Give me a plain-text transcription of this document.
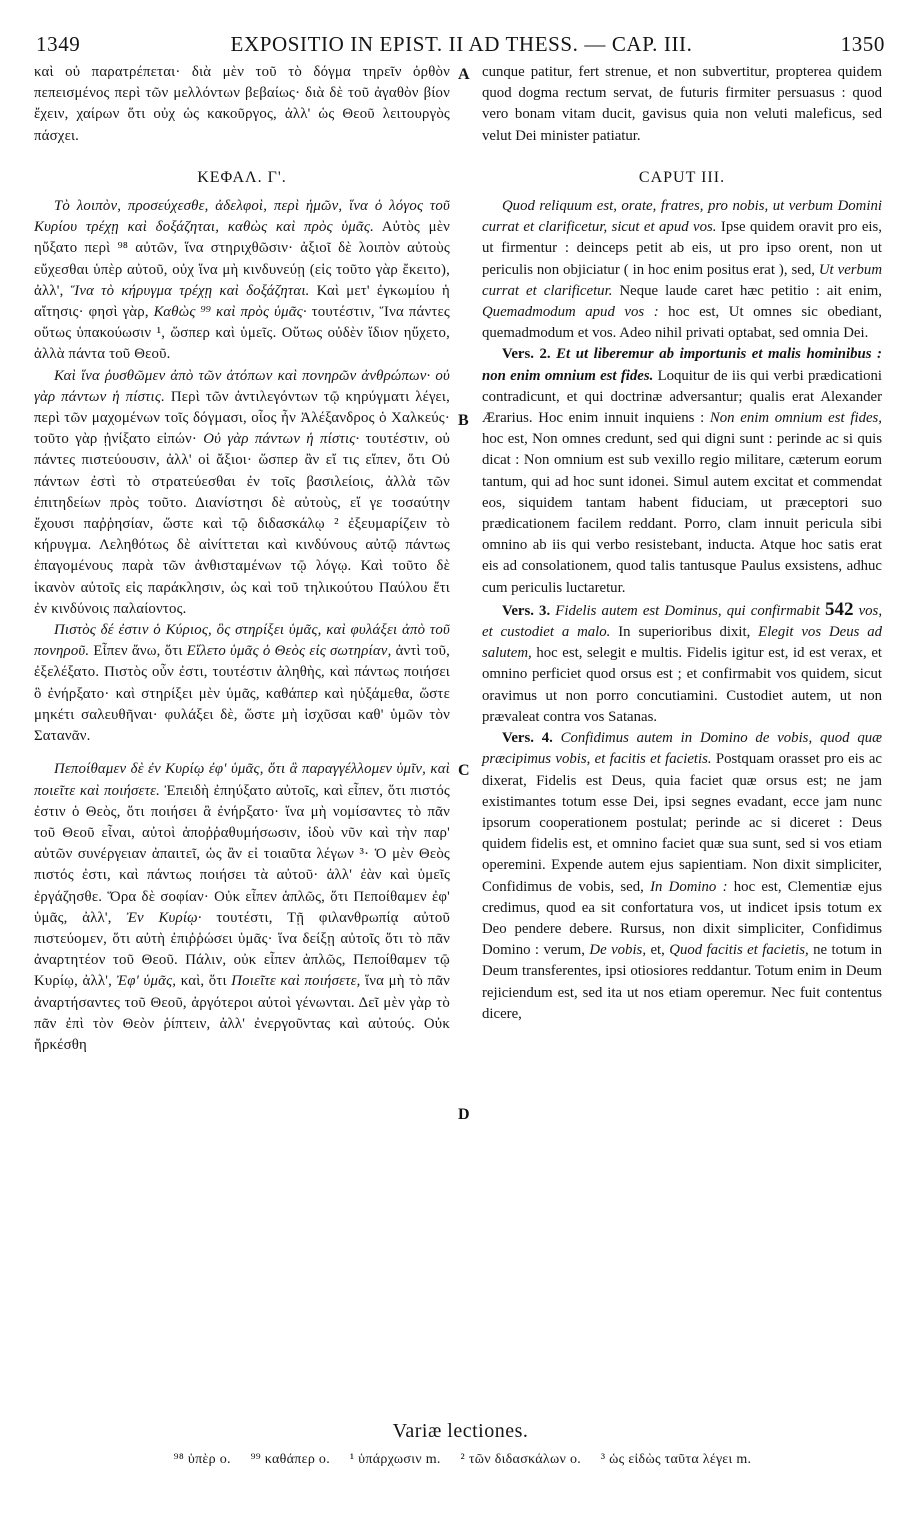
1349	EXPOSITIO IN EPIST. II AD THESS. — CAP. III.	1350

καὶ οὐ παρατρέπεται· διὰ μὲν τοῦ τὸ δόγμα τηρεῖν ὀρθὸν πεπεισμένος περὶ τῶν μελλόντων βεβαίως· διὰ δὲ τοῦ ἀγαθὸν βίον ἔχειν, χαίρων ὅτι οὐχ ὡς κακοῦργος, ἀλλ' ὡς Θεοῦ λειτουργὸς πάσχει.

ΚΕΦΑΛ. Γ'.

Τὸ λοιπὸν, προσεύχεσθε, ἀδελφοὶ, περὶ ἡμῶν, ἵνα ὁ λόγος τοῦ Κυρίου τρέχῃ καὶ δοξάζηται, καθὼς καὶ πρὸς ὑμᾶς. Αὐτὸς μὲν ηὔξατο περὶ ⁹⁸ αὐτῶν, ἵνα στηριχθῶσιν· ἀξιοῖ δὲ λοιπὸν αὐτοὺς εὔχεσθαι ὑπὲρ αὐτοῦ, οὐχ ἵνα μὴ κινδυνεύῃ (εἰς τοῦτο γὰρ ἔκειτο), ἀλλ', Ἵνα τὸ κήρυγμα τρέχῃ καὶ δοξάζηται. Καὶ μετ' ἐγκωμίου ἡ αἴτησις· φησὶ γὰρ, Καθὼς ⁹⁹ καὶ πρὸς ὑμᾶς· τουτέστιν, Ἵνα πάντες οὕτως ὑπακούωσιν ¹, ὥσπερ καὶ ὑμεῖς. Οὕτως οὐδὲν ἴδιον ηὔχετο, ἀλλὰ πάντα τοῦ Θεοῦ.

Καὶ ἵνα ῥυσθῶμεν ἀπὸ τῶν ἀτόπων καὶ πονηρῶν ἀνθρώπων· οὐ γὰρ πάντων ἡ πίστις. Περὶ τῶν ἀντιλεγόντων τῷ κηρύγματι λέγει, περὶ τῶν μαχομένων τοῖς δόγμασι, οἷος ἦν Ἀλέξανδρος ὁ Χαλκεύς· τοῦτο γὰρ ᾐνίξατο εἰπών· Οὐ γὰρ πάντων ἡ πίστις· τουτέστιν, οὐ πάντες πιστεύουσιν, ἀλλ' οἱ ἄξιοι· ὥσπερ ἂν εἴ τις εἴπεν, ὅτι Οὐ πάντων ἐστὶ τὸ στρατεύεσθαι ἐν τοῖς βασιλείοις, ἀλλὰ τῶν ἐπιτηδείων πρὸς τοῦτο. Διανίστησι δὲ αὐτοὺς, εἴ γε τοσαύτην ἔχουσι παῤῥησίαν, ὥστε καὶ τῷ διδασκάλῳ ² ἐξευμαρίζειν τὸ κήρυγμα. Λεληθότως δὲ αἰνίττεται καὶ κινδύνους αὐτῷ πάντως ἐπαγομένους παρὰ τῶν ἀνθισταμένων τῷ λόγῳ. Καὶ τοῦτο δὲ ἱκανὸν αὐτοῖς εἰς παράκλησιν, ὡς καὶ τοῦ τηλικούτου Παύλου ἔτι ἐν κινδύνοις παλαίοντος.

Πιστὸς δέ ἐστιν ὁ Κύριος, ὃς στηρίξει ὑμᾶς, καὶ φυλάξει ἀπὸ τοῦ πονηροῦ. Εἶπεν ἄνω, ὅτι Εἵλετο ὑμᾶς ὁ Θεὸς εἰς σωτηρίαν, ἀντὶ τοῦ, ἐξελέξατο. Πιστὸς οὖν ἐστι, τουτέστιν ἀληθὴς, καὶ πάντως ποιήσει ὃ ἐνήρξατο· καὶ στηρίξει μὲν ὑμᾶς, καθάπερ καὶ ηὐξάμεθα, ὥστε μηκέτι σαλευθῆναι· φυλάξει δὲ, ὥστε μὴ ἰσχῦσαι καθ' ὑμῶν τὸν Σατανᾶν.

Πεποίθαμεν δὲ ἐν Κυρίῳ ἐφ' ὑμᾶς, ὅτι ἃ παραγγέλλομεν ὑμῖν, καὶ ποιεῖτε καὶ ποιήσετε. Ἐπειδὴ ἐπηύξατο αὐτοῖς, καὶ εἶπεν, ὅτι πιστός ἐστιν ὁ Θεὸς, ὅτι ποιήσει ἃ ἐνήρξατο· ἵνα μὴ νομίσαντες τὸ πᾶν τοῦ Θεοῦ εἶναι, αὐτοὶ ἀποῤῥαθυμήσωσιν, ἰδοὺ νῦν καὶ τὴν παρ' αὐτῶν συνέργειαν ἀπαιτεῖ, ὡς ἂν εἰ τοιαῦτα λέγων ³· Ὁ μὲν Θεὸς πιστός ἐστι, καὶ πάντως ποιήσει τὰ αὐτοῦ· ἀλλ' ἐὰν καὶ ὑμεῖς ἐργάζησθε. Ὅρα δὲ σοφίαν· Οὐκ εἶπεν ἁπλῶς, ὅτι Πεποίθαμεν ἐφ' ὑμᾶς, ἀλλ', Ἐν Κυρίῳ· τουτέστι, Τῇ φιλανθρωπίᾳ αὐτοῦ πιστεύομεν, ὅτι αὐτὴ ἐπιῤῥώσει ὑμᾶς· ἵνα δείξῃ αὐτοῖς ὅτι τὸ πᾶν ἀναρτητέον τοῦ Θεοῦ. Πάλιν, οὐκ εἶπεν ἁπλῶς, Πεποίθαμεν τῷ Κυρίῳ, ἀλλ', Ἐφ' ὑμᾶς, καὶ, ὅτι Ποιεῖτε καὶ ποιήσετε, ἵνα μὴ τὸ πᾶν ἀναρτήσαντες τοῦ Θεοῦ, ἀργότεροι αὐτοὶ γένωνται. Δεῖ μὲν γὰρ τὸ πᾶν ἐπὶ τὸν Θεὸν ῥίπτειν, ἀλλ' ἐνεργοῦντας καὶ αὐτούς. Οὐκ ἤρκέσθη

A
B
C
D

cunque patitur, fert strenue, et non subvertitur, propterea quidem quod dogma rectum servat, de futuris firmiter persuasus : quod vero bonam vitam ducit, gavisus quia non veluti maleficus, sed velut Dei minister patiatur.

CAPUT III.

Quod reliquum est, orate, fratres, pro nobis, ut verbum Domini currat et clarificetur, sicut et apud vos. Ipse quidem oravit pro eis, ut firmentur : deinceps petit ab eis, ut pro ipso orent, non ut periculis non objiciatur ( in hoc enim positus erat ), sed, Ut verbum currat et clarificetur. Neque laude caret hæc petitio : ait enim, Quemadmodum apud vos : hoc est, Ut omnes sic obediant, quemadmodum et vos. Adeo nihil privati optabat, sed omnia Dei.

Vers. 2. Et ut liberemur ab importunis et malis hominibus : non enim omnium est fides. Loquitur de iis qui verbi prædicationi contradicunt, et qui doctrinæ adversantur; qualis erat Alexander Ærarius. Hoc enim innuit inquiens : Non enim omnium est fides, hoc est, Non omnes credunt, sed qui digni sunt : perinde ac si quis dicat : Non omnium est sub vexillo regio militare, cæterum eorum tantum, qui ad hoc sunt idonei. Simul autem excitat et commendat eos, siquidem tantam habent fiduciam, ut præceptori suo prædicationem facilem reddant. Porro, clam innuit pericula sibi omnino ab iis qui verbo resistebant, inducta. Atque hoc satis erat eis ad consolationem, quod talis tantusque Paulus exsistens, adhuc cum periculis luctaretur.

Vers. 3. Fidelis autem est Dominus, qui confirmabit 542 vos, et custodiet a malo. In superioribus dixit, Elegit vos Deus ad salutem, hoc est, selegit e multis. Fidelis igitur est, id est verax, et omnino perficiet quod orsus est ; et confirmabit vos quidem, sicut oravimus ut non porro concutiamini. Custodiet autem, ut non prævaleat contra vos Satanas.

Vers. 4. Confidimus autem in Domino de vobis, quod quæ præcipimus vobis, et facitis et facietis. Postquam orasset pro eis ac dixerat, Fidelis est Deus, quia faciet quæ orsus est; ne jam existimantes totum esse Dei, ipsi segnes evadant, ecce jam nunc ipsorum cooperationem postulat; perinde ac si diceret : Deus quidem fidelis est, et omnino faciet quæ sua sunt, sed si vos etiam operemini. Expende autem ejus sapientiam. Non dixit simpliciter, Confidimus de vobis, sed, In Domino : hoc est, Clementiæ ejus credimus, quod ea sit confortatura vos, ut indicet ipsis totum ex Deo pendere debere. Rursus, non dixit simpliciter, Confidimus Domino : verum, De vobis, et, Quod facitis et facietis, ne totum in Deum transferentes, ipsi otiosiores reddantur. Totum enim in Deum rejiciendum est, sed ita ut nos etiam operemur. Nec fuit contentus dicere,

Variæ lectiones.
⁹⁸ ὑπὲρ o. ⁹⁹ καθάπερ o. ¹ ὑπάρχωσιν m. ² τῶν διδασκάλων o. ³ ὡς εἰδὼς ταῦτα λέγει m.
